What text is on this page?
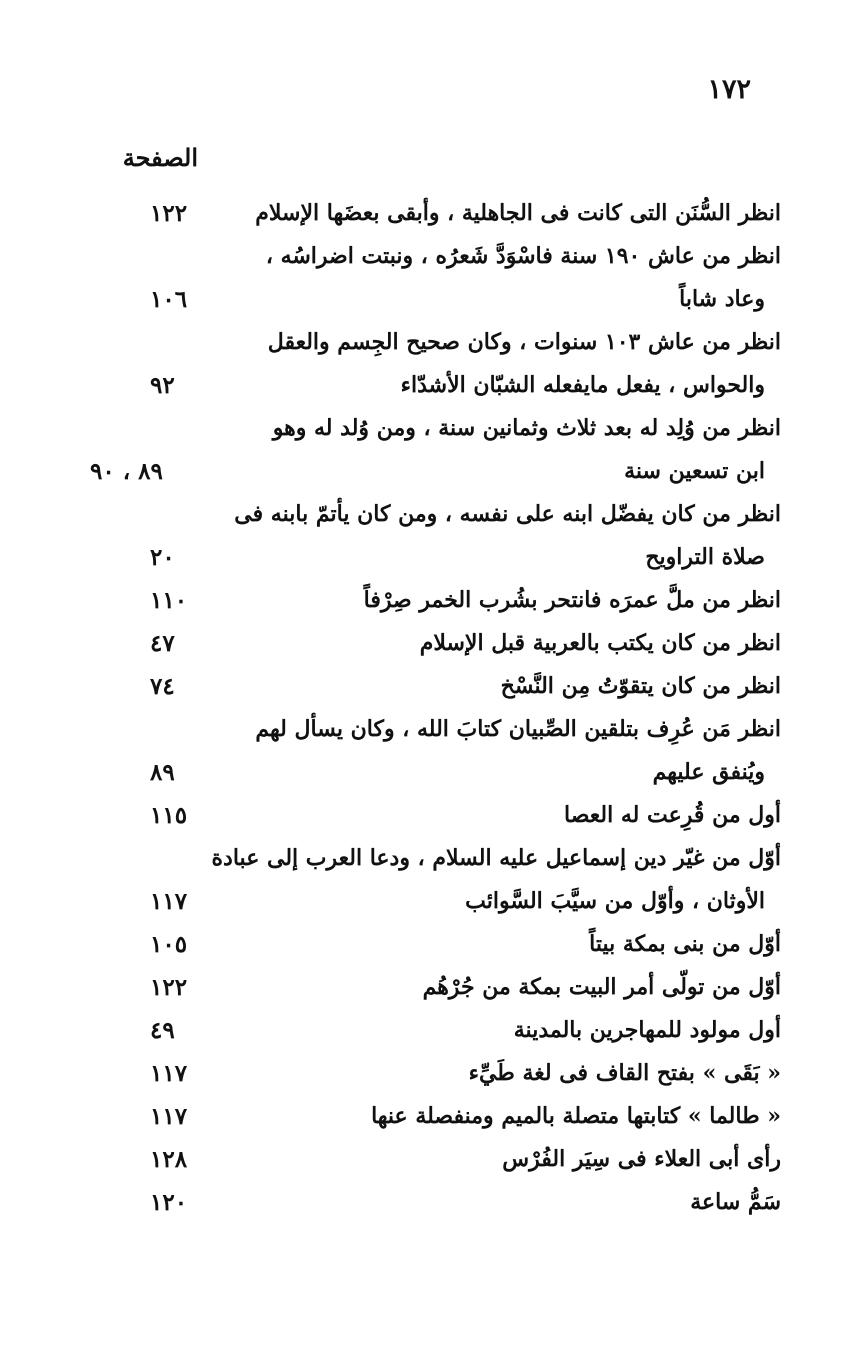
١٧٢
الصفحة
انظر السُّنَن التى كانت فى الجاهلية ، وأبقى بعضَها الإسلام
١٢٢
انظر من عاش ١٩٠ سنة فاسْوَدَّ شَعرُه ، ونبتت اضراسُه ،
وعاد شاباً
١٠٦
انظر من عاش ١٠٣ سنوات ، وكان صحيح الجِسم والعقل
والحواس ، يفعل مايفعله الشبّان الأشدّاء
٩٢
انظر من وُلِد له بعد ثلاث وثمانين سنة ، ومن وُلد له وهو
ابن تسعين سنة
٨٩ ، ٩٠
انظر من كان يفضّل ابنه على نفسه ، ومن كان يأتمّ بابنه فى
صلاة التراويح
٢٠
انظر من ملَّ عمرَه فانتحر بشُرب الخمر صِرْفاً
١١٠
انظر من كان يكتب بالعربية قبل الإسلام
٤٧
انظر من كان يتقوّتُ مِن النَّسْخ
٧٤
انظر مَن عُرِف بتلقين الصِّبيان كتابَ الله ، وكان يسأل لهم
ويُنفق عليهم
٨٩
أول من قُرِعت له العصا
١١٥
أوّل من غيّر دين إسماعيل عليه السلام ، ودعا العرب إلى عبادة
الأوثان ، وأوّل من سيَّبَ السَّوائب
١١٧
أوّل من بنى بمكة بيتاً
١٠٥
أوّل من تولّى أمر البيت بمكة من جُرْهُم
١٢٢
أول مولود للمهاجرين بالمدينة
٤٩
« بَقَى » بفتح القاف فى لغة طَيِّء
١١٧
« طالما » كتابتها متصلة بالميم ومنفصلة عنها
١١٧
رأى أبى العلاء فى سِيَر الفُرْس
١٢٨
سَمُّ ساعة
١٢٠
